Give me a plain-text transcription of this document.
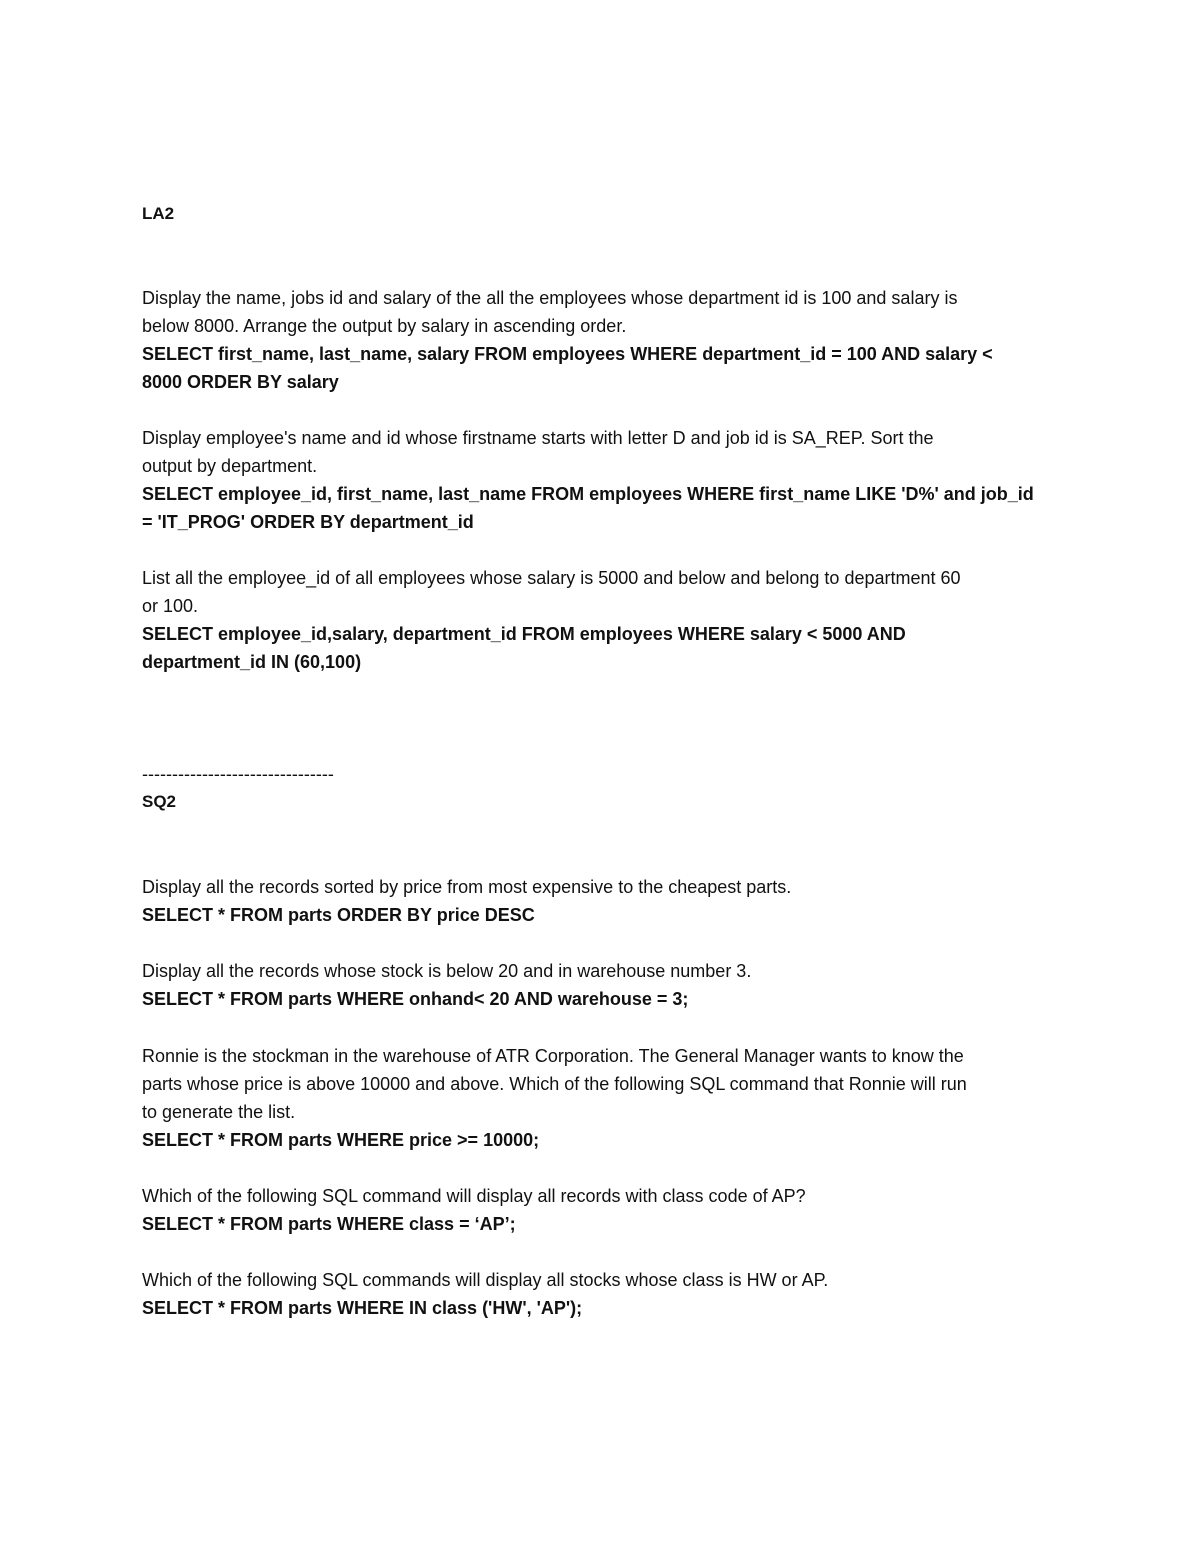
LA2

Display the name, jobs id and salary of the all the employees whose department id is 100 and salary is

below 8000. Arrange the output by salary in ascending order.

SELECT first_name, last_name, salary FROM employees WHERE department_id = 100 AND salary <

8000 ORDER BY salary

Display employee's name and id whose firstname starts with letter D and job id is SA_REP. Sort the

output by department.

SELECT employee_id, first_name, last_name FROM employees WHERE first_name LIKE 'D%' and job_id

= 'IT_PROG' ORDER BY department_id

List all the employee_id of all employees whose salary is 5000 and below and belong to department 60

or 100.

SELECT employee_id,salary, department_id FROM employees WHERE salary < 5000 AND

department_id IN (60,100)

--------------------------------

SQ2

Display all the records sorted by price from most expensive to the cheapest parts.

SELECT * FROM parts ORDER BY price DESC

Display all the records whose stock is below 20 and in warehouse number 3.

SELECT * FROM parts WHERE onhand< 20 AND warehouse = 3;

Ronnie is the stockman in the warehouse of ATR Corporation. The General Manager wants to know the

parts whose price is above 10000 and above. Which of the following SQL command that Ronnie will run

to generate the list.

SELECT * FROM parts WHERE price >= 10000;

Which of the following SQL command will display all records with class code of AP?

SELECT * FROM parts WHERE class = ‘AP’;

Which of the following SQL commands will display all stocks whose class is HW or AP.

SELECT * FROM parts WHERE IN class ('HW', 'AP');
